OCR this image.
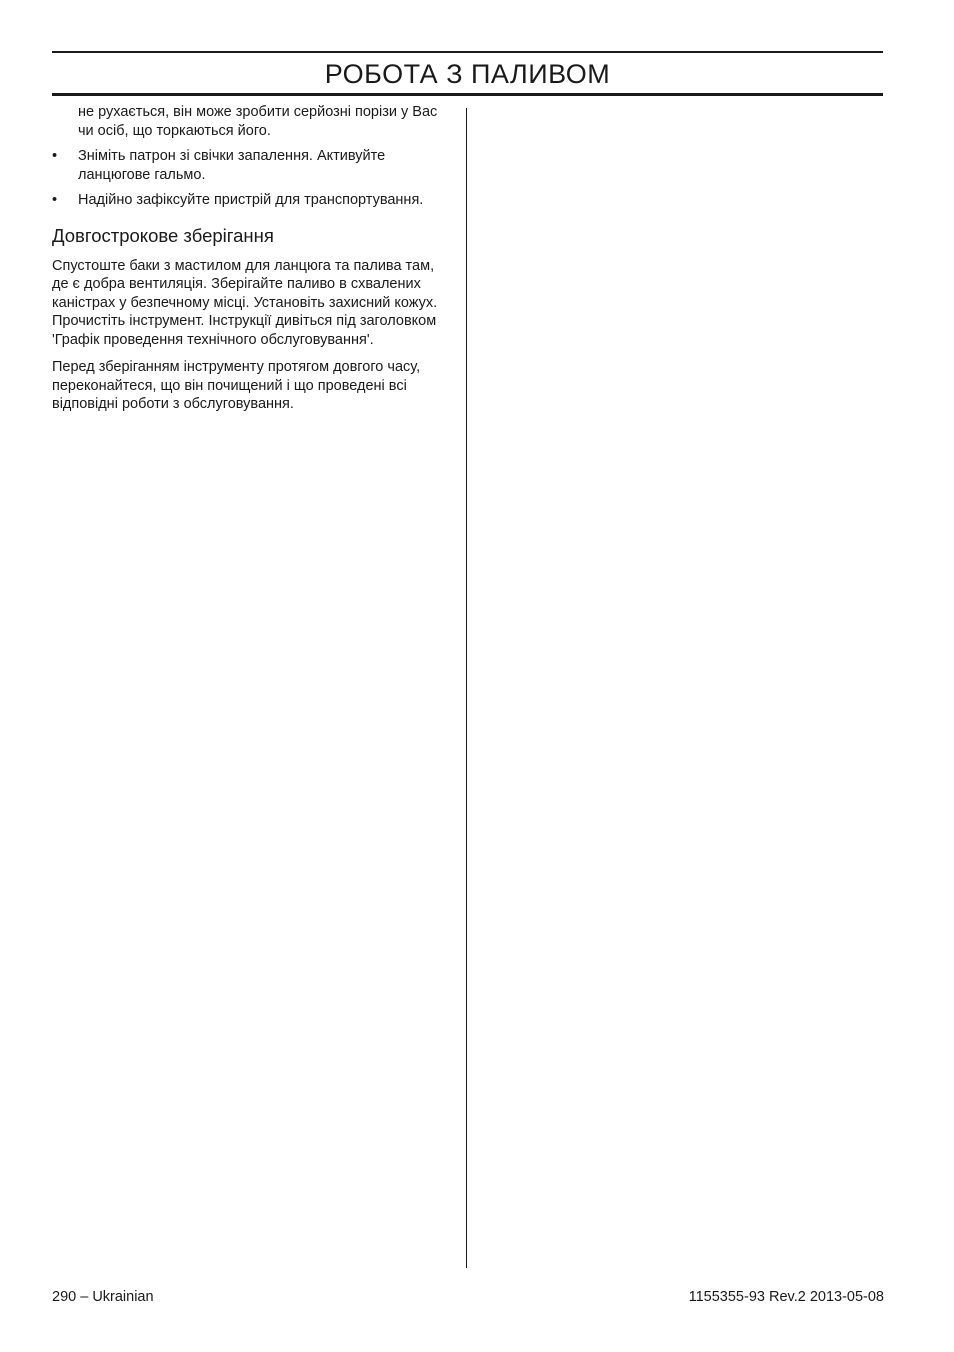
РОБОТА З ПАЛИВОМ

не рухається, він може зробити серйозні порізи у Вас чи осіб, що торкаються його.

• Зніміть патрон зі свічки запалення. Активуйте ланцюгове гальмо.
• Надійно зафіксуйте пристрій для транспортування.
Довгострокове зберігання

Спустоште баки з мастилом для ланцюга та палива там, де є добра вентиляція. Зберігайте паливо в схвалених каністрах у безпечному місці. Установіть захисний кожух. Прочистіть інструмент. Інструкції дивіться під заголовком 'Графік проведення технічного обслуговування'.

Перед зберіганням інструменту протягом довгого часу, переконайтеся, що він почищений і що проведені всі відповідні роботи з обслуговування.

290 – Ukrainian	1155355-93 Rev.2 2013-05-08
